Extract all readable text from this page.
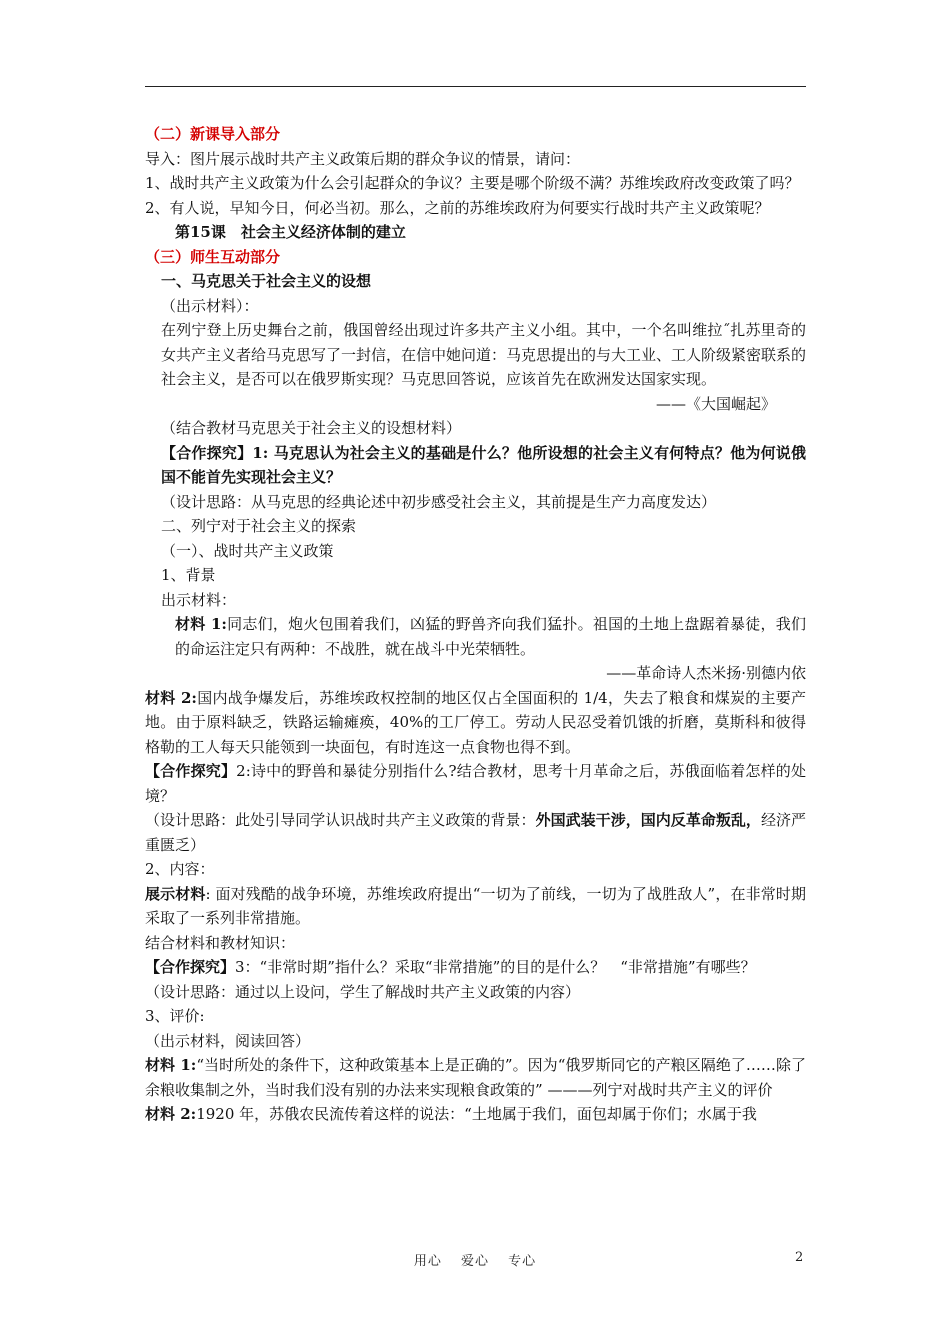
（二）新课导入部分

导入：图片展示战时共产主义政策后期的群众争议的情景，请问：

1、战时共产主义政策为什么会引起群众的争议？主要是哪个阶级不满？苏维埃政府改变政策了吗？

2、有人说，早知今日，何必当初。那么，之前的苏维埃政府为何要实行战时共产主义政策呢？

第15课　社会主义经济体制的建立

（三）师生互动部分

一、马克思关于社会主义的设想

（出示材料）：

在列宁登上历史舞台之前，俄国曾经出现过许多共产主义小组。其中，一个名叫维拉˝扎苏里奇的女共产主义者给马克思写了一封信，在信中她问道：马克思提出的与大工业、工人阶级紧密联系的社会主义，是否可以在俄罗斯实现？马克思回答说，应该首先在欧洲发达国家实现。

——《大国崛起》

（结合教材马克思关于社会主义的设想材料）

【合作探究】1: 马克思认为社会主义的基础是什么？他所设想的社会主义有何特点？他为何说俄国不能首先实现社会主义？

（设计思路：从马克思的经典论述中初步感受社会主义，其前提是生产力高度发达）

二、列宁对于社会主义的探索

（一）、战时共产主义政策

1、背景

出示材料：

材料 1:同志们，炮火包围着我们，凶猛的野兽齐向我们猛扑。祖国的土地上盘踞着暴徒，我们的命运注定只有两种：不战胜，就在战斗中光荣牺牲。

——革命诗人杰米扬·别德内依

材料 2:国内战争爆发后，苏维埃政权控制的地区仅占全国面积的 1/4，失去了粮食和煤炭的主要产地。由于原料缺乏，铁路运输瘫痪，40%的工厂停工。劳动人民忍受着饥饿的折磨，莫斯科和彼得格勒的工人每天只能领到一块面包，有时连这一点食物也得不到。

【合作探究】2:诗中的野兽和暴徒分别指什么?结合教材，思考十月革命之后，苏俄面临着怎样的处境？

（设计思路：此处引导同学认识战时共产主义政策的背景：外国武装干涉，国内反革命叛乱，经济严重匮乏）

2、内容：

展示材料: 面对残酷的战争环境，苏维埃政府提出“一切为了前线，一切为了战胜敌人”，在非常时期采取了一系列非常措施。

结合材料和教材知识：

【合作探究】3：“非常时期”指什么？采取“非常措施”的目的是什么？　“非常措施”有哪些？

（设计思路：通过以上设问，学生了解战时共产主义政策的内容）

3、评价:

（出示材料，阅读回答）

材料 1:“当时所处的条件下，这种政策基本上是正确的”。因为“俄罗斯同它的产粮区隔绝了……除了余粮收集制之外，当时我们没有别的办法来实现粮食政策的” ———列宁对战时共产主义的评价

材料 2:1920 年，苏俄农民流传着这样的说法：“土地属于我们，面包却属于你们；水属于我

用心　 爱心　 专心	2
